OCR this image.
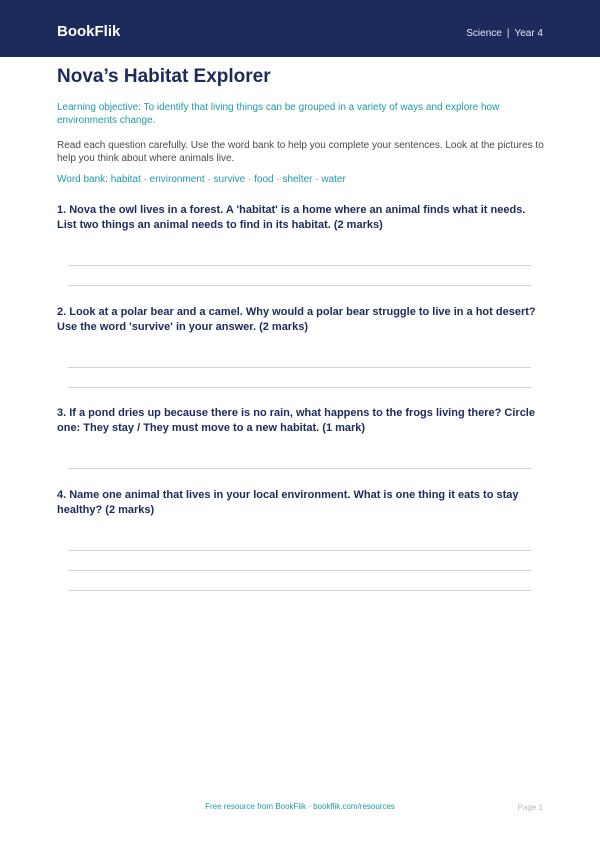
BookFlik	Science | Year 4
Nova’s Habitat Explorer

Learning objective: To identify that living things can be grouped in a variety of ways and explore how environments change.

Read each question carefully. Use the word bank to help you complete your sentences. Look at the pictures to help you think about where animals live.

Word bank: habitat · environment · survive · food · shelter · water

1. Nova the owl lives in a forest. A 'habitat' is a home where an animal finds what it needs. List two things an animal needs to find in its habitat. (2 marks)

2. Look at a polar bear and a camel. Why would a polar bear struggle to live in a hot desert? Use the word 'survive' in your answer. (2 marks)

3. If a pond dries up because there is no rain, what happens to the frogs living there? Circle one: They stay / They must move to a new habitat. (1 mark)

4. Name one animal that lives in your local environment. What is one thing it eats to stay healthy? (2 marks)

Free resource from BookFlik · bookflik.com/resources	Page 1
